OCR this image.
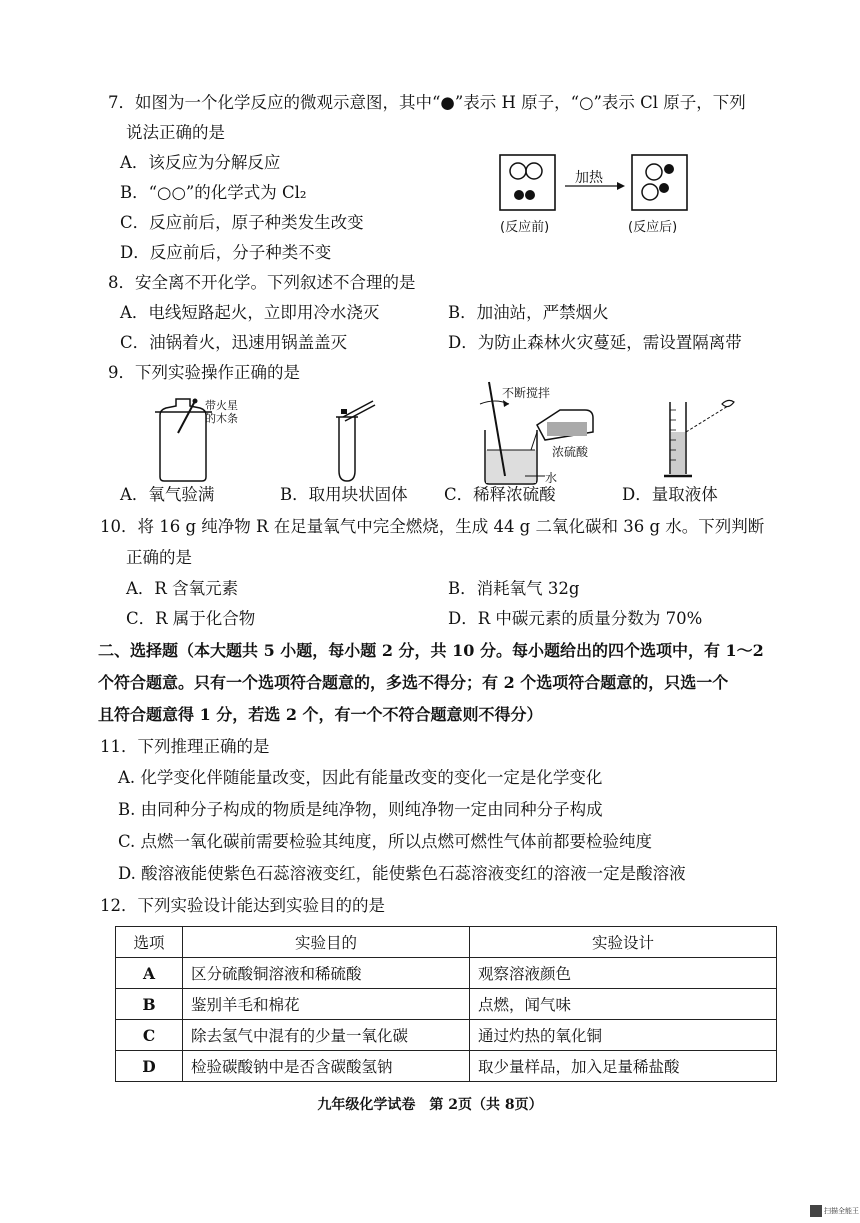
7．如图为一个化学反应的微观示意图，其中“●”表示 H 原子，“○”表示 Cl 原子，下列
说法正确的是
A．该反应为分解反应
B．“○○”的化学式为 Cl₂
C．反应前后，原子种类发生改变
D．反应前后，分子种类不变
加热
(反应前)	(反应后)
8．安全离不开化学。下列叙述不合理的是
A．电线短路起火，立即用冷水浇灭	B．加油站，严禁烟火
C．油锅着火，迅速用锅盖盖灭	D．为防止森林火灾蔓延，需设置隔离带
9．下列实验操作正确的是
带火星
的木条
不断搅拌
浓硫酸
水
A．氧气验满	B．取用块状固体 C．稀释浓硫酸	D．量取液体
10．将 16 g 纯净物 R 在足量氧气中完全燃烧，生成 44 g 二氧化碳和 36 g 水。下列判断
正确的是
A．R 含氧元素	B．消耗氧气 32g
C．R 属于化合物	D．R 中碳元素的质量分数为 70%
二、选择题（本大题共 5 小题，每小题 2 分，共 10 分。每小题给出的四个选项中，有 1～2
个符合题意。只有一个选项符合题意的，多选不得分；有 2 个选项符合题意的，只选一个
且符合题意得 1 分，若选 2 个，有一个不符合题意则不得分）
11．下列推理正确的是
A. 化学变化伴随能量改变，因此有能量改变的变化一定是化学变化
B. 由同种分子构成的物质是纯净物，则纯净物一定由同种分子构成
C. 点燃一氧化碳前需要检验其纯度，所以点燃可燃性气体前都要检验纯度
D. 酸溶液能使紫色石蕊溶液变红，能使紫色石蕊溶液变红的溶液一定是酸溶液
12．下列实验设计能达到实验目的的是
选项	实验目的	实验设计
A	区分硫酸铜溶液和稀硫酸	观察溶液颜色
B	鉴别羊毛和棉花	点燃，闻气味
C	除去氢气中混有的少量一氧化碳	通过灼热的氧化铜
D	检验碳酸钠中是否含碳酸氢钠	取少量样品，加入足量稀盐酸
九年级化学试卷　第 2页（共 8页）
扫描全能王
